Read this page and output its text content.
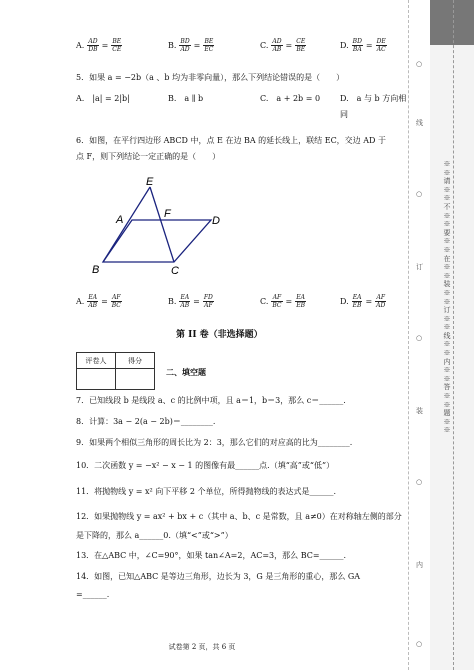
A. $\frac{AD}{DB} = \frac{BE}{CE}$	B. $\frac{BD}{AD} = \frac{BE}{EC}$	C. $\frac{AD}{AB} = \frac{CE}{BE}$	D. $\frac{BD}{BA} = \frac{DE}{AC}$
5．如果 a = −2b（a 、b 均为非零向量），那么下列结论错误的是（　　）
A. |a| = 2|b|	B. a ∥ b	C. a + 2b = 0 D. a 与 b 方向相
同
6．如图，在平行四边形 ABCD 中，点 E 在边 BA 的延长线上，联结 EC，交边 AD 于
点 F，则下列结论一定正确的是（　　）
E
A	F
D
B	C
A. $\frac{EA}{AB} = \frac{AF}{BC}$	B. $\frac{EA}{AB} = \frac{FD}{AF}$	C. $\frac{AF}{BC} = \frac{EA}{EB}$	D. $\frac{EA}{EB} = \frac{AF}{AD}$
第 II 卷（非选择题）
评卷人	得分

二、填空题
7．已知线段 b 是线段 a、c 的比例中项，且 a＝1，b＝3，那么 c＝______.
8．计算：3a − 2(a − 2b)＝________.
9．如果两个相似三角形的周长比为 2：3，那么它们的对应高的比为________.
10．二次函数 y = −x² − x − 1 的图像有最______点.（填“高”或“低”）
11．将抛物线 y = x² 向下平移 2 个单位，所得抛物线的表达式是______.
12．如果抛物线 y = ax² + bx + c（其中 a、b、c 是常数，且 a≠0）在对称轴左侧的部分
是下降的，那么 a______0.（填“<”或“>”）
13．在△ABC 中，∠C=90°，如果 tan∠A=2，AC=3，那么 BC=______.
14．如图，已知△ABC 是等边三角形，边长为 3，G 是三角形的重心，那么 GA
=______.
试卷第 2 页，共 6 页
※※请※※不※※要※※在※※装※※订※※线※※内※※答※※题※※
○
线
○
订
○
装
○
内
○
